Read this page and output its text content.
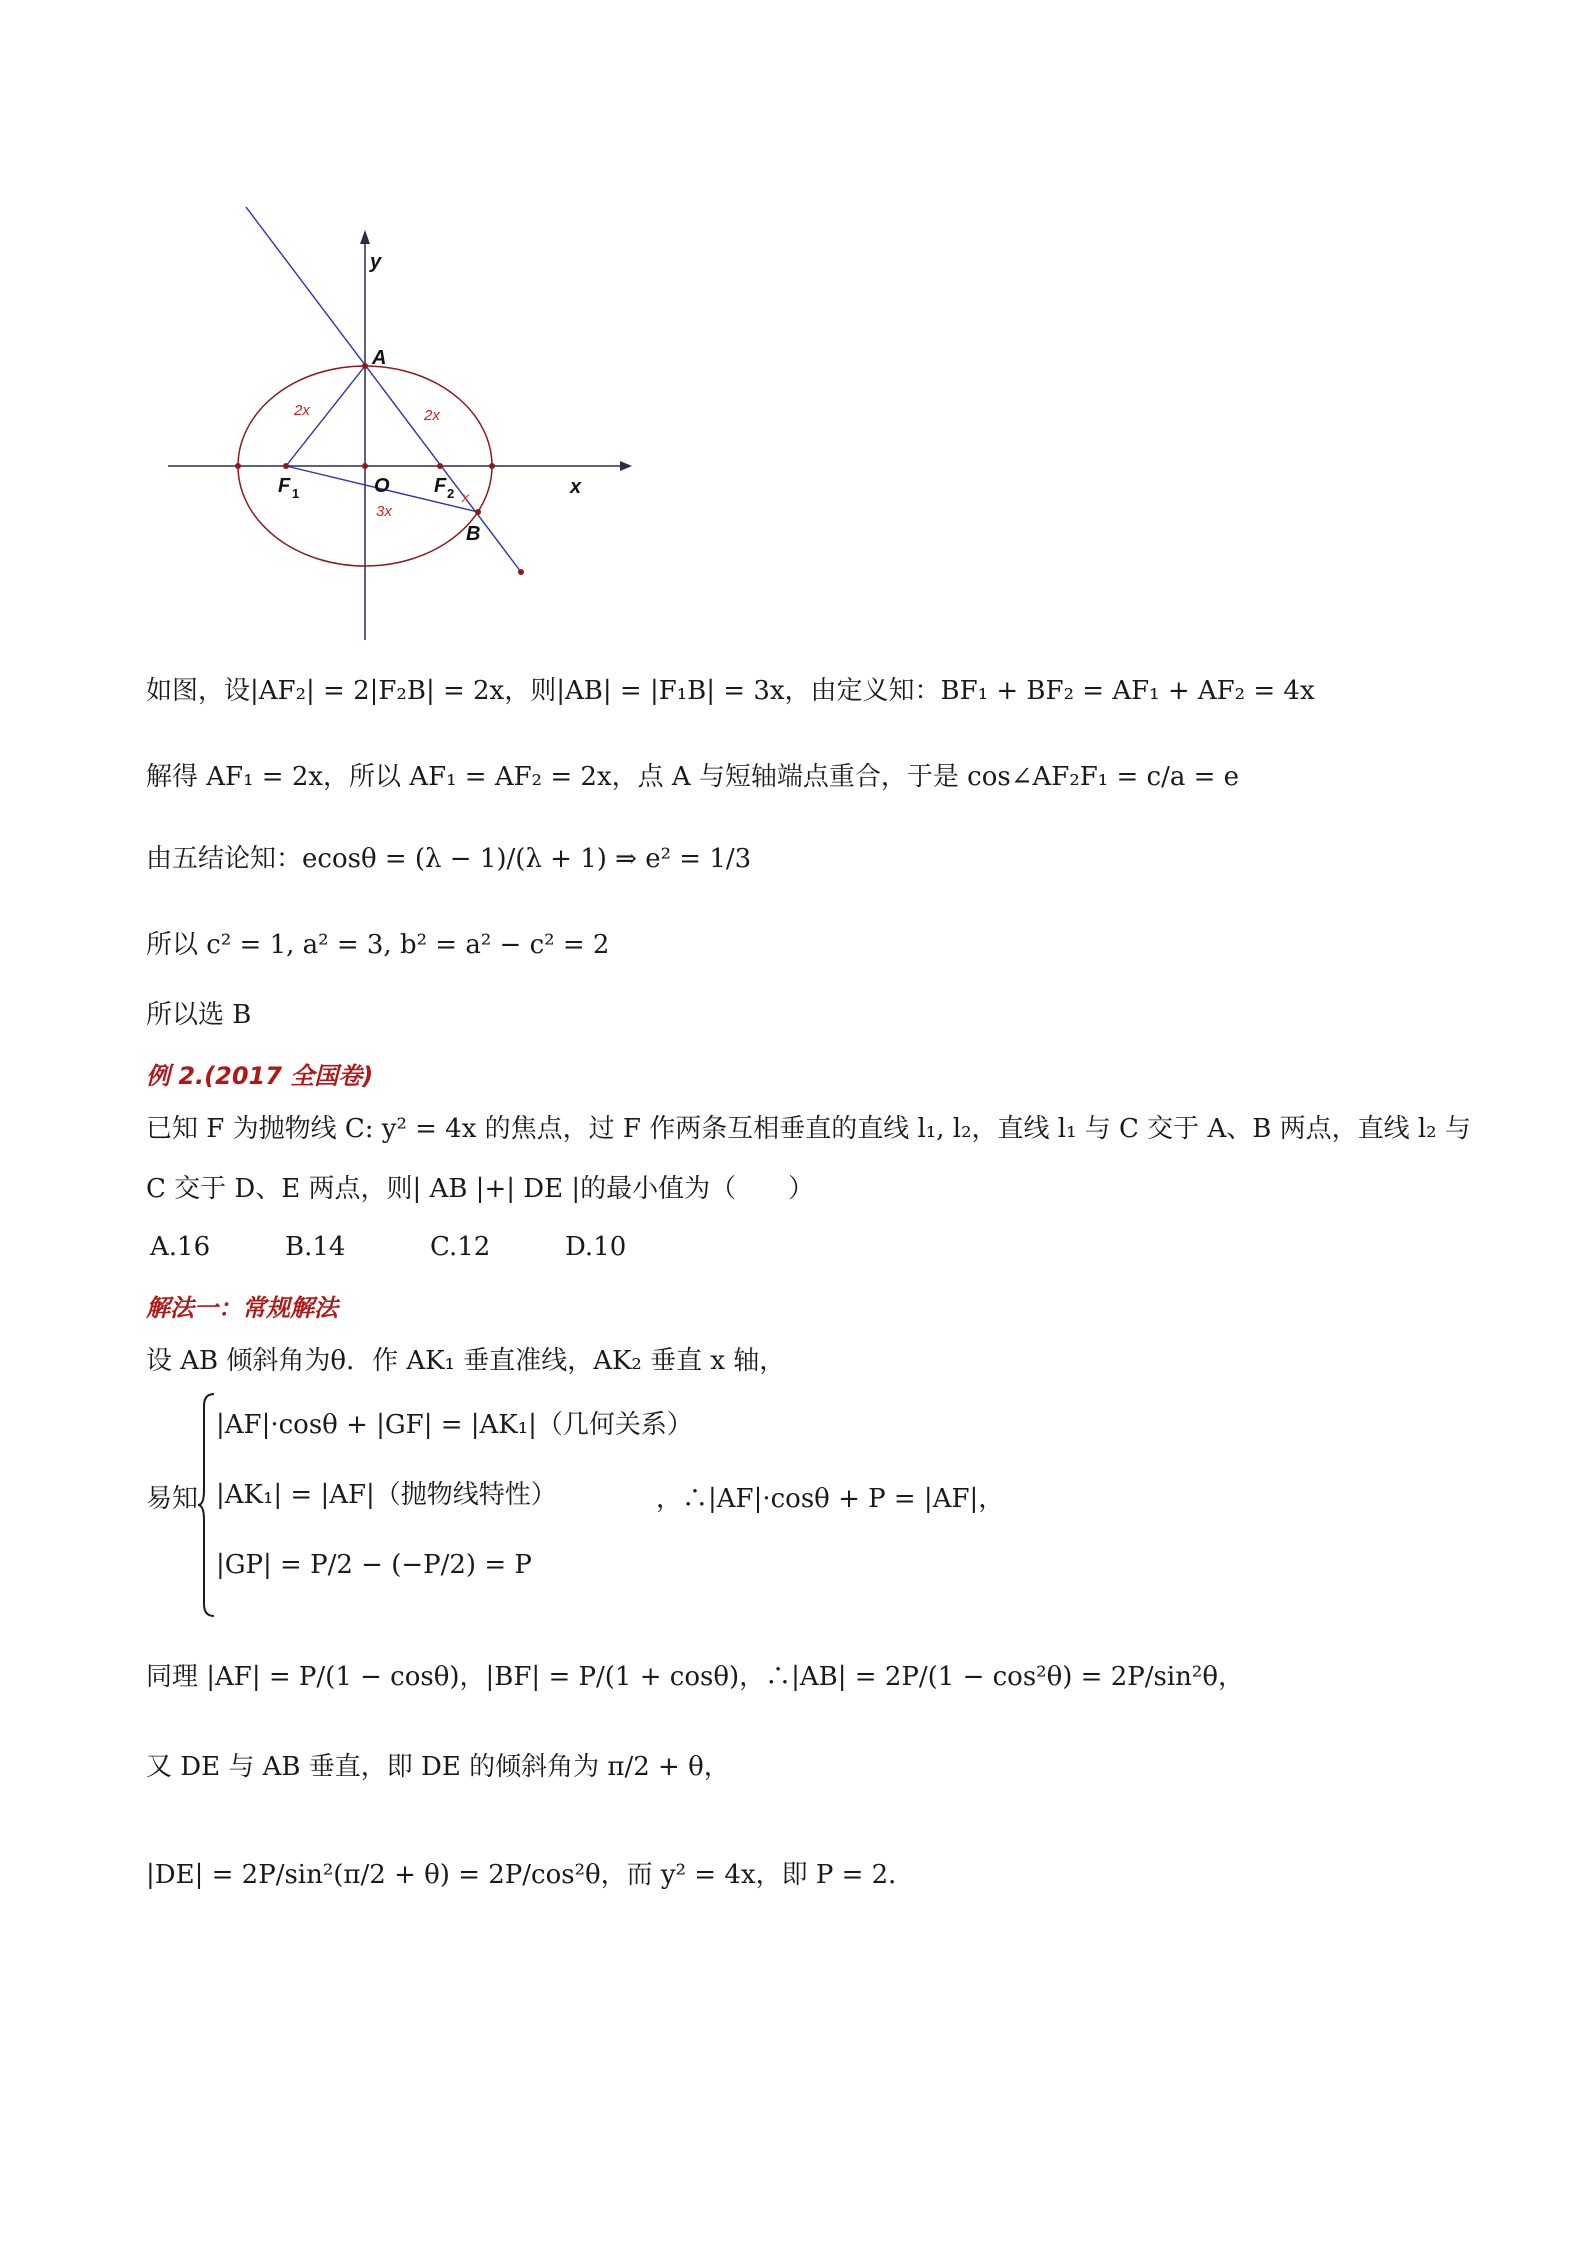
y
x
A
B
O
F 1	F 2
2x	2x
3x
x
如图，设|AF₂| = 2|F₂B| = 2x，则|AB| = |F₁B| = 3x，由定义知：BF₁ + BF₂ = AF₁ + AF₂ = 4x
解得 AF₁ = 2x，所以 AF₁ = AF₂ = 2x，点 A 与短轴端点重合，于是 cos∠AF₂F₁ = c/a = e
由五结论知：ecosθ = (λ − 1)/(λ + 1) ⇒ e² = 1/3
所以 c² = 1, a² = 3, b² = a² − c² = 2
所以选 B
例 2.(2017 全国卷)
已知 F 为抛物线 C: y² = 4x 的焦点，过 F 作两条互相垂直的直线 l₁, l₂，直线 l₁ 与 C 交于 A、B 两点，直线 l₂ 与
C 交于 D、E 两点，则| AB |+| DE |的最小值为（　　）
A.16	B.14	C.12	D.10
解法一：常规解法
设 AB 倾斜角为θ．作 AK₁ 垂直准线，AK₂ 垂直 x 轴，
易知
|AF|·cosθ + |GF| = |AK₁|（几何关系）
|AK₁| = |AF|（抛物线特性）
|GP| = P/2 − (−P/2) = P
，∴|AF|·cosθ + P = |AF|，
同理 |AF| = P/(1 − cosθ)，|BF| = P/(1 + cosθ)，∴|AB| = 2P/(1 − cos²θ) = 2P/sin²θ，
又 DE 与 AB 垂直，即 DE 的倾斜角为 π/2 + θ，
|DE| = 2P/sin²(π/2 + θ) = 2P/cos²θ，而 y² = 4x，即 P = 2．
